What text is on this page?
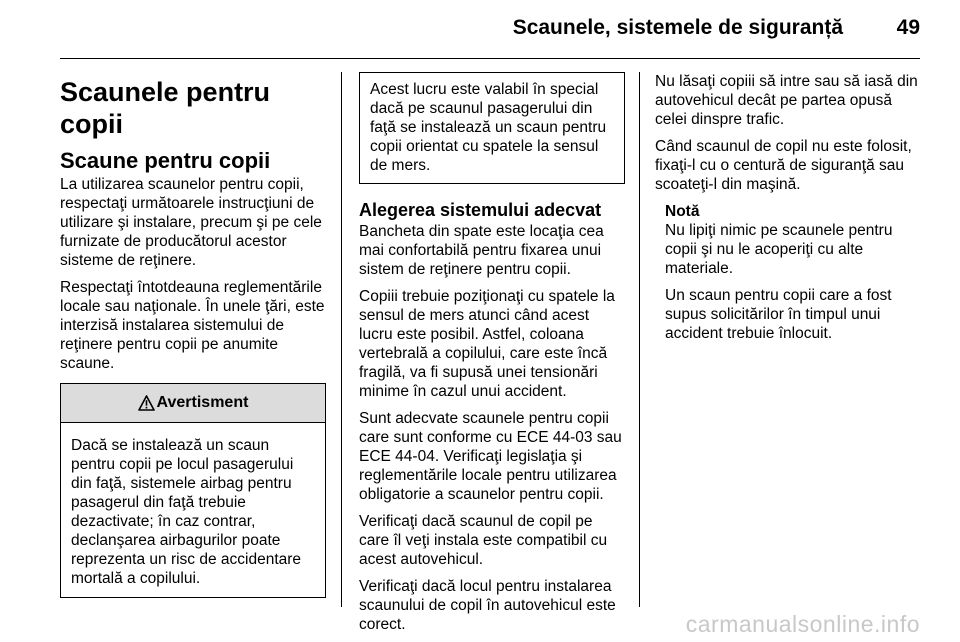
Scaunele, sistemele de siguranță	49
Scaunele pentru copii
Scaune pentru copii

La utilizarea scaunelor pentru copii, respectaţi următoarele instrucţiuni de utilizare şi instalare, precum şi pe cele furnizate de producătorul acestor sisteme de reţinere.

Respectaţi întotdeauna reglementările locale sau naţionale. În unele ţări, este interzisă instalarea sistemului de reţinere pentru copii pe anumite scaune.

Avertisment

Dacă se instalează un scaun pentru copii pe locul pasagerului din faţă, sistemele airbag pentru pasagerul din faţă trebuie dezactivate; în caz contrar, declanşarea airbagurilor poate reprezenta un risc de accidentare mortală a copilului.

Acest lucru este valabil în special dacă pe scaunul pasagerului din faţă se instalează un scaun pentru copii orientat cu spatele la sensul de mers.

Alegerea sistemului adecvat

Bancheta din spate este locaţia cea mai confortabilă pentru fixarea unui sistem de reţinere pentru copii.

Copiii trebuie poziţionaţi cu spatele la sensul de mers atunci când acest lucru este posibil. Astfel, coloana vertebrală a copilului, care este încă fragilă, va fi supusă unei tensionări minime în cazul unui accident.

Sunt adecvate scaunele pentru copii care sunt conforme cu ECE 44-03 sau ECE 44-04. Verificaţi legislaţia şi reglementările locale pentru utilizarea obligatorie a scaunelor pentru copii.

Verificaţi dacă scaunul de copil pe care îl veţi instala este compatibil cu acest autovehicul.

Verificaţi dacă locul pentru instalarea scaunului de copil în autovehicul este corect.

Nu lăsaţi copiii să intre sau să iasă din autovehicul decât pe partea opusă celei dinspre trafic.

Când scaunul de copil nu este folosit, fixaţi-l cu o centură de siguranţă sau scoateţi-l din maşină.

Notă

Nu lipiţi nimic pe scaunele pentru copii şi nu le acoperiţi cu alte materiale.

Un scaun pentru copii care a fost supus solicitărilor în timpul unui accident trebuie înlocuit.

carmanualsonline.info
